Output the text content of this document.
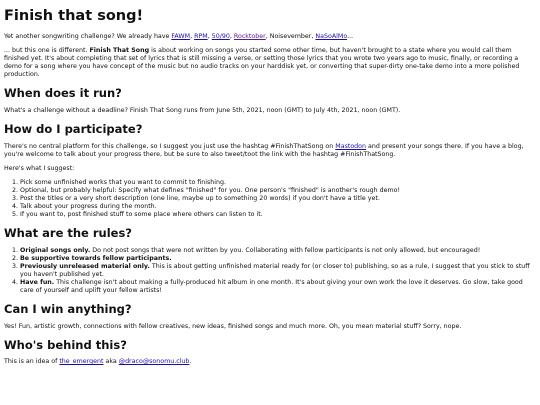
Finish that song!

Yet another songwriting challenge? We already have FAWM, RPM, 50/90, Rocktober, Noisevember, NaSoAlMo...

... but this one is different. Finish That Song is about working on songs you started some other time, but haven't brought to a state where you would call them finished yet. It's about completing that set of lyrics that is still missing a verse, or setting those lyrics that you wrote two years ago to music, finally, or recording a demo for a song where you have concept of the music but no audio tracks on your harddisk yet, or converting that super-dirty one-take demo into a more polished production.

When does it run?

What's a challenge without a deadline? Finish That Song runs from June 5th, 2021, noon (GMT) to July 4th, 2021, noon (GMT).

How do I participate?

There's no central platform for this challenge, so I suggest you just use the hashtag #FinishThatSong on Mastodon and present your songs there. If you have a blog, you're welcome to talk about your progress there, but be sure to also tweet/toot the link with the hashtag #FinishThatSong.

Here's what I suggest:

1. Pick some unfinished works that you want to commit to finishing.
2. Optional, but probably helpful: Specify what defines "finished" for you. One person's "finished" is another's rough demo!
3. Post the titles or a very short description (one line, maybe up to something 20 words) if you don't have a title yet.
4. Talk about your progress during the month.
5. If you want to, post finished stuff to some place where others can listen to it.
What are the rules?
1. Original songs only. Do not post songs that were not written by you. Collaborating with fellow participants is not only allowed, but encouraged!
2. Be supportive towards fellow participants.
3. Previously unreleased material only. This is about getting unfinished material ready for (or closer to) publishing, so as a rule, I suggest that you stick to stuff you haven't published yet.
4. Have fun. This challenge isn't about making a fully-produced hit album in one month. It's about giving your own work the love it deserves. Go slow, take good care of yourself and uplift your fellow artists!
Can I win anything?

Yes! Fun, artistic growth, connections with fellow creatives, new ideas, finished songs and much more. Oh, you mean material stuff? Sorry, nope.

Who's behind this?

This is an idea of the_emergent aka @draco@sonomu.club.
